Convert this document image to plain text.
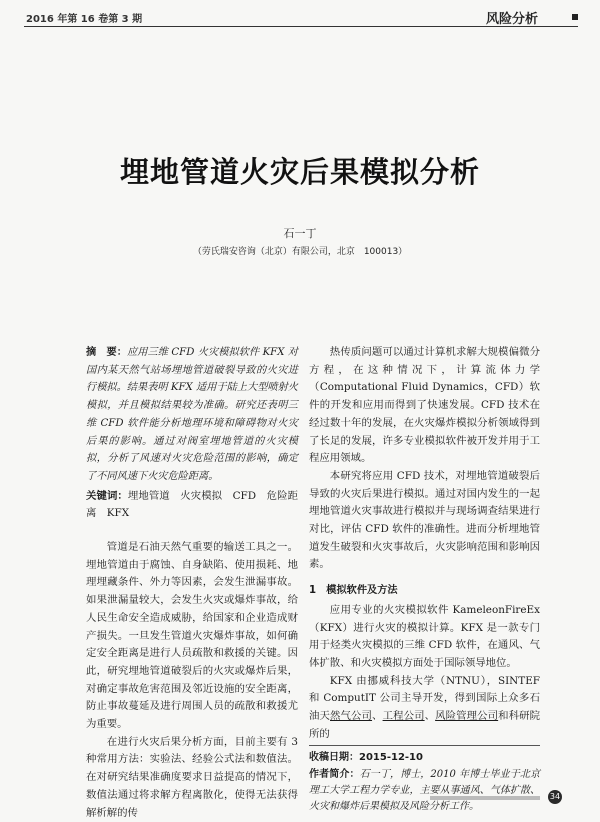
2016 年第 16 卷第 3 期	风险分析
埋地管道火灾后果模拟分析
石一丁
（劳氏瑞安咨询（北京）有限公司，北京　100013）

摘　要：应用三维 CFD 火灾模拟软件 KFX 对国内某天然气站场埋地管道破裂导致的火灾进行模拟。结果表明 KFX 适用于陆上大型喷射火模拟，并且模拟结果较为准确。研究还表明三维 CFD 软件能分析地理环境和障碍物对火灾后果的影响。通过对阀室埋地管道的火灾模拟，分析了风速对火灾危险范围的影响，确定了不同风速下火灾危险距离。

关键词：埋地管道　火灾模拟　CFD　危险距离　KFX

管道是石油天然气重要的输送工具之一。埋地管道由于腐蚀、自身缺陷、使用损耗、地理埋藏条件、外力等因素，会发生泄漏事故。如果泄漏量较大，会发生火灾或爆炸事故，给人民生命安全造成威胁，给国家和企业造成财产损失。一旦发生管道火灾爆炸事故，如何确定安全距离是进行人员疏散和救援的关键。因此，研究埋地管道破裂后的火灾或爆炸后果，对确定事故危害范围及邻近设施的安全距离，防止事故蔓延及进行周围人员的疏散和救援尤为重要。

在进行火灾后果分析方面，目前主要有 3 种常用方法：实验法、经验公式法和数值法。在对研究结果准确度要求日益提高的情况下，数值法通过将求解方程离散化，使得无法获得解析解的传

热传质问题可以通过计算机求解大规模偏微分方程，在这种情况下，计算流体力学（Computational Fluid Dynamics，CFD）软件的开发和应用而得到了快速发展。CFD 技术在经过数十年的发展，在火灾爆炸模拟分析领域得到了长足的发展，许多专业模拟软件被开发并用于工程应用领域。

本研究将应用 CFD 技术，对埋地管道破裂后导致的火灾后果进行模拟。通过对国内发生的一起埋地管道火灾事故进行模拟并与现场调查结果进行对比，评估 CFD 软件的准确性。进而分析埋地管道发生破裂和火灾事故后，火灾影响范围和影响因素。

1　模拟软件及方法

应用专业的火灾模拟软件 KameleonFireEx（KFX）进行火灾的模拟计算。KFX 是一款专门用于烃类火灾模拟的三维 CFD 软件，在通风、气体扩散、和火灾模拟方面处于国际领导地位。

KFX 由挪威科技大学（NTNU），SINTEF 和 ComputIT 公司主导开发，得到国际上众多石油天然气公司、工程公司、风险管理公司和科研院所的

收稿日期：2015-12-10

作者简介：石一丁，博士，2010 年博士毕业于北京理工大学工程力学专业，主要从事通风、气体扩散、火灾和爆炸后果模拟及风险分析工作。

34
